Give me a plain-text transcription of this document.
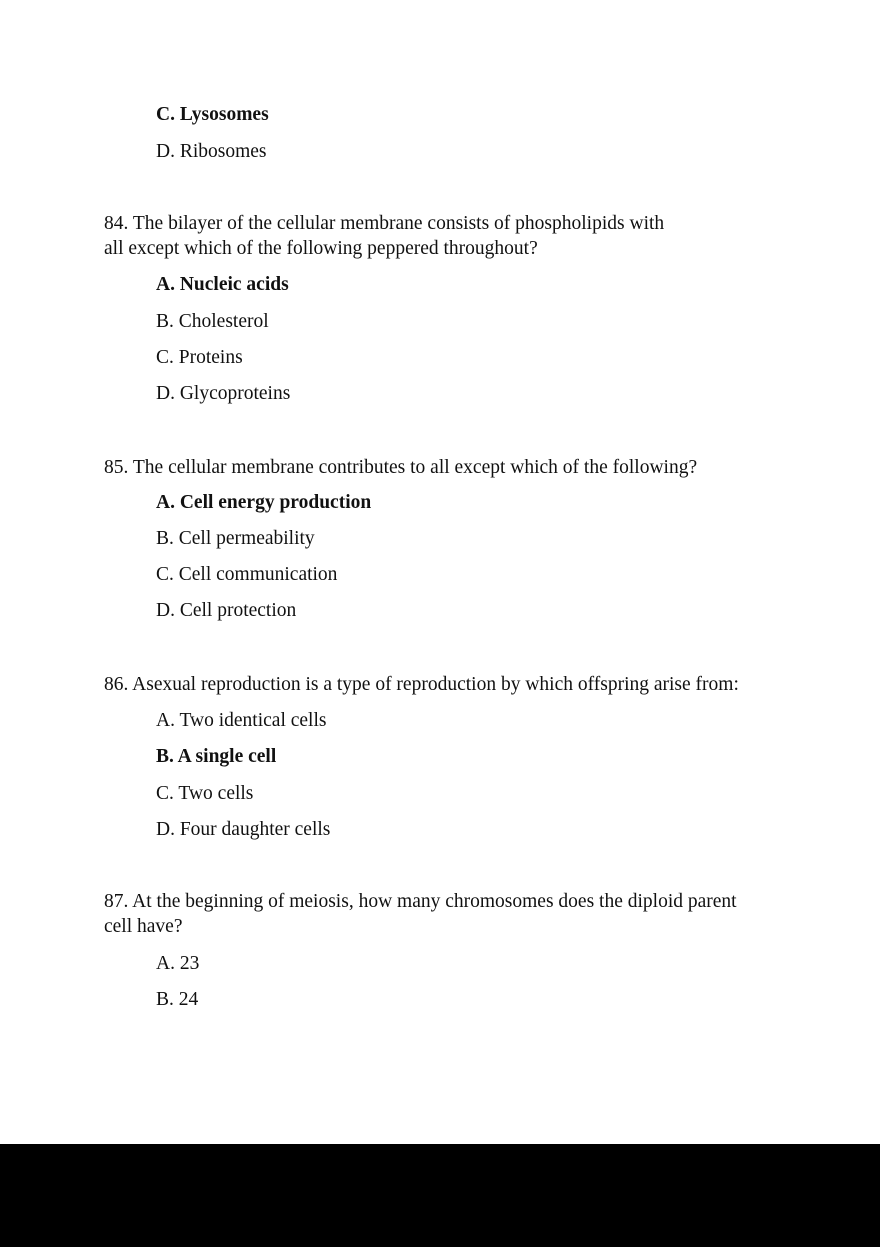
C. Lysosomes
D. Ribosomes
84. The bilayer of the cellular membrane consists of phospholipids with
all except which of the following peppered throughout?
A. Nucleic acids
B. Cholesterol
C. Proteins
D. Glycoproteins
85. The cellular membrane contributes to all except which of the following?
A. Cell energy production
B. Cell permeability
C. Cell communication
D. Cell protection
86. Asexual reproduction is a type of reproduction by which offspring arise from:
A. Two identical cells
B. A single cell
C. Two cells
D. Four daughter cells
87. At the beginning of meiosis, how many chromosomes does the diploid parent
cell have?
A. 23
B. 24
